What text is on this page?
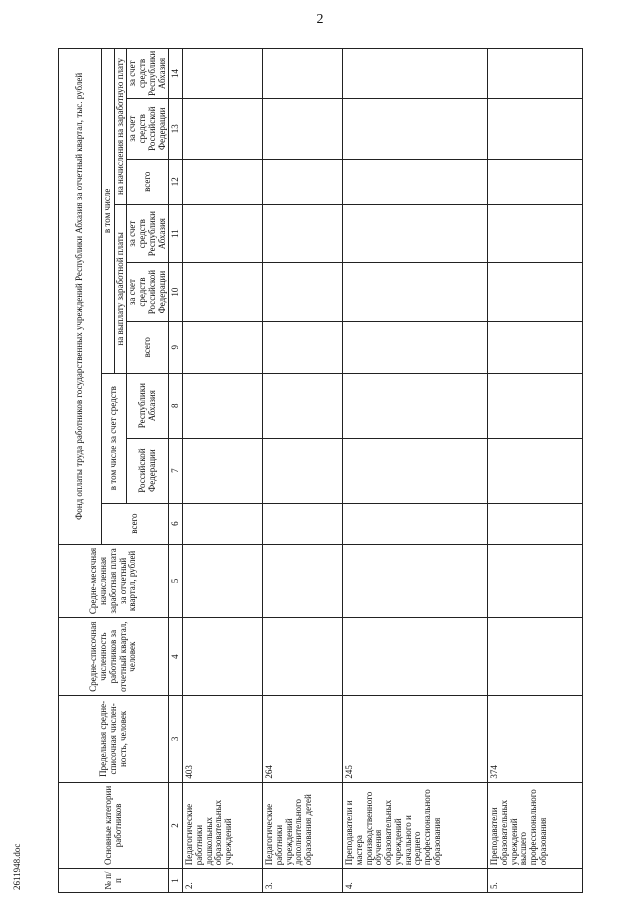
2
№ п/п	Основные категории работников	Предельная средне-списочная числен-ность, человек	Средне-списочная численность работников за отчетный квартал, человек	Средне-месячная начисленная заработная плата за отчетный квартал, рублей	Фонд оплаты труда работников государственных учреждений Республики Абхазия за отчетный квартал, тыс. рублей								
					всего	в том числе за счет средств		в том числе					
								на выплату заработной платы			на начисления на заработную плату		
						Российской Федерации	Республики Абхазия	всего	за счет средств Российской Федерации	за счет средств Республики Абхазия	всего	за счет средств Российской Федерации	за счет средств Республики Абхазия

1	2	3	4	5	6	7	8	9	10	11	12	13	14
2.	Педагогические работники дошкольных образовательных учреждений	403											
3.	Педагогические работники учреждений дополнительного образования детей	264											
4.	Преподаватели и мастера производственного обучения образовательных учреждений начального и среднего профессионального образования	245											
5.	Преподаватели образовательных учреждений высшего профессионального образования	374											
2611948.doc
